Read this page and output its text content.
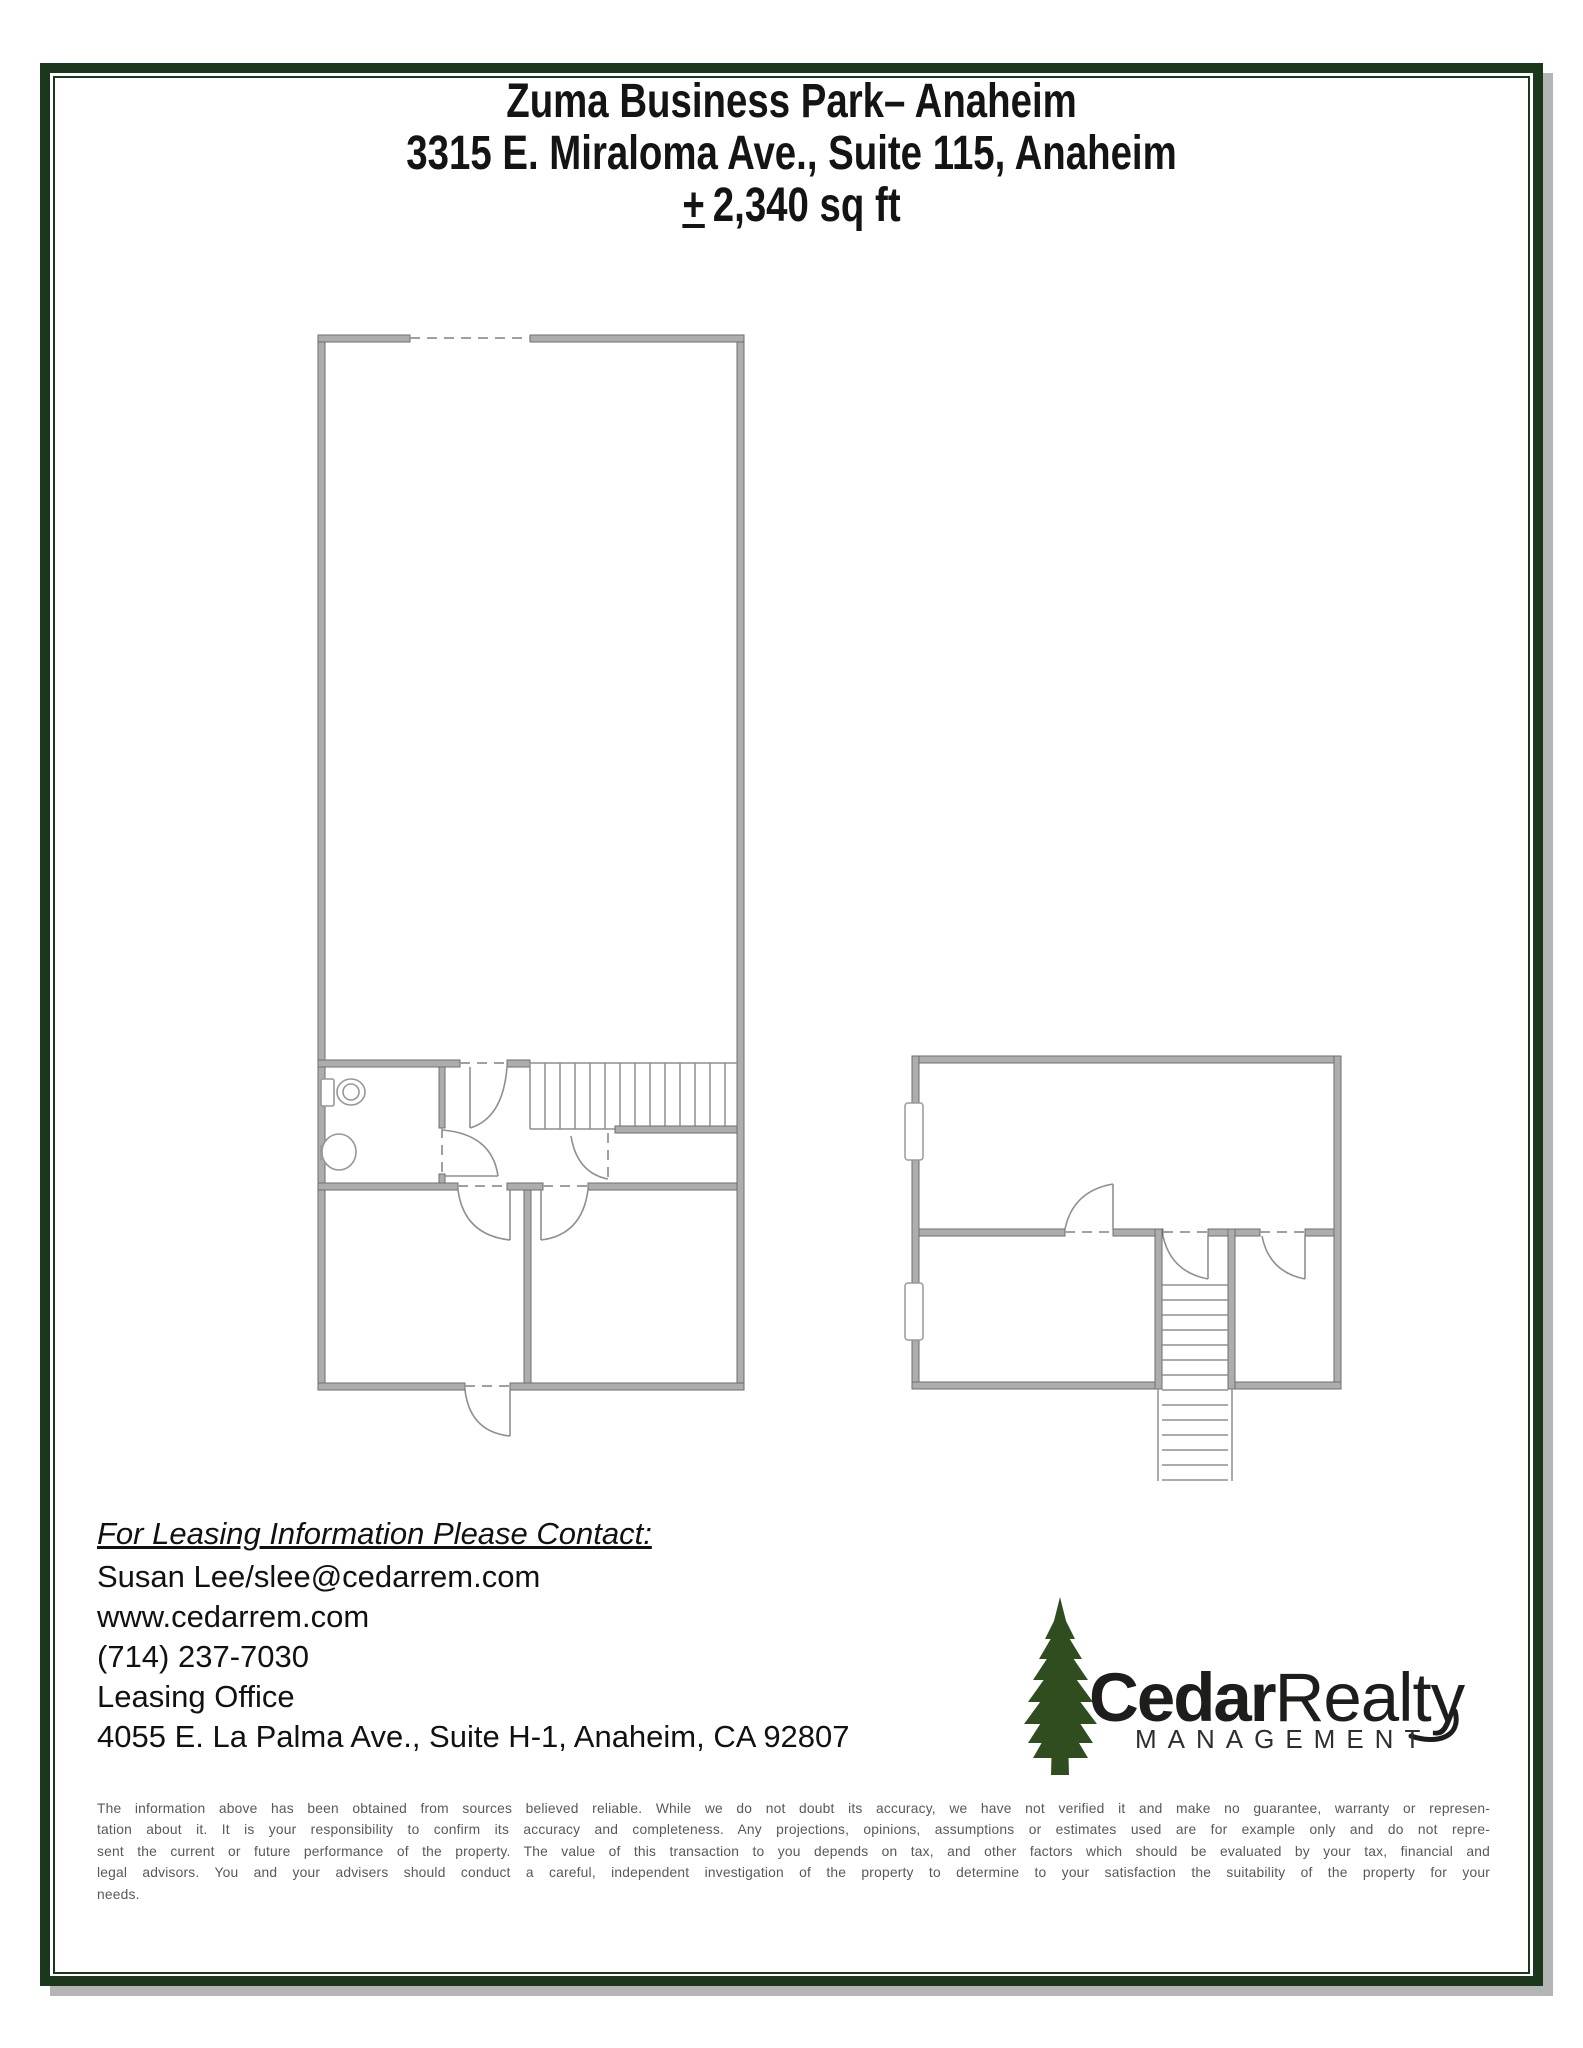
Zuma Business Park– Anaheim
3315 E. Miraloma Ave., Suite 115, Anaheim
+ 2,340 sq ft
For Leasing Information Please Contact:
Susan Lee/slee@cedarrem.com
www.cedarrem.com
(714) 237-7030
Leasing Office
4055 E. La Palma Ave., Suite H-1, Anaheim, CA 92807
CedarRealty
MANAGEMENT
The information above has been obtained from sources believed reliable. While we do not doubt its accuracy, we have not verified it and make no guarantee, warranty or represen-
tation about it. It is your responsibility to confirm its accuracy and completeness. Any projections, opinions, assumptions or estimates used are for example only and do not repre-
sent the current or future performance of the property. The value of this transaction to you depends on tax, and other factors which should be evaluated by your tax, financial and
legal advisors. You and your advisers should conduct a careful, independent investigation of the property to determine to your satisfaction the suitability of the property for your
needs.
